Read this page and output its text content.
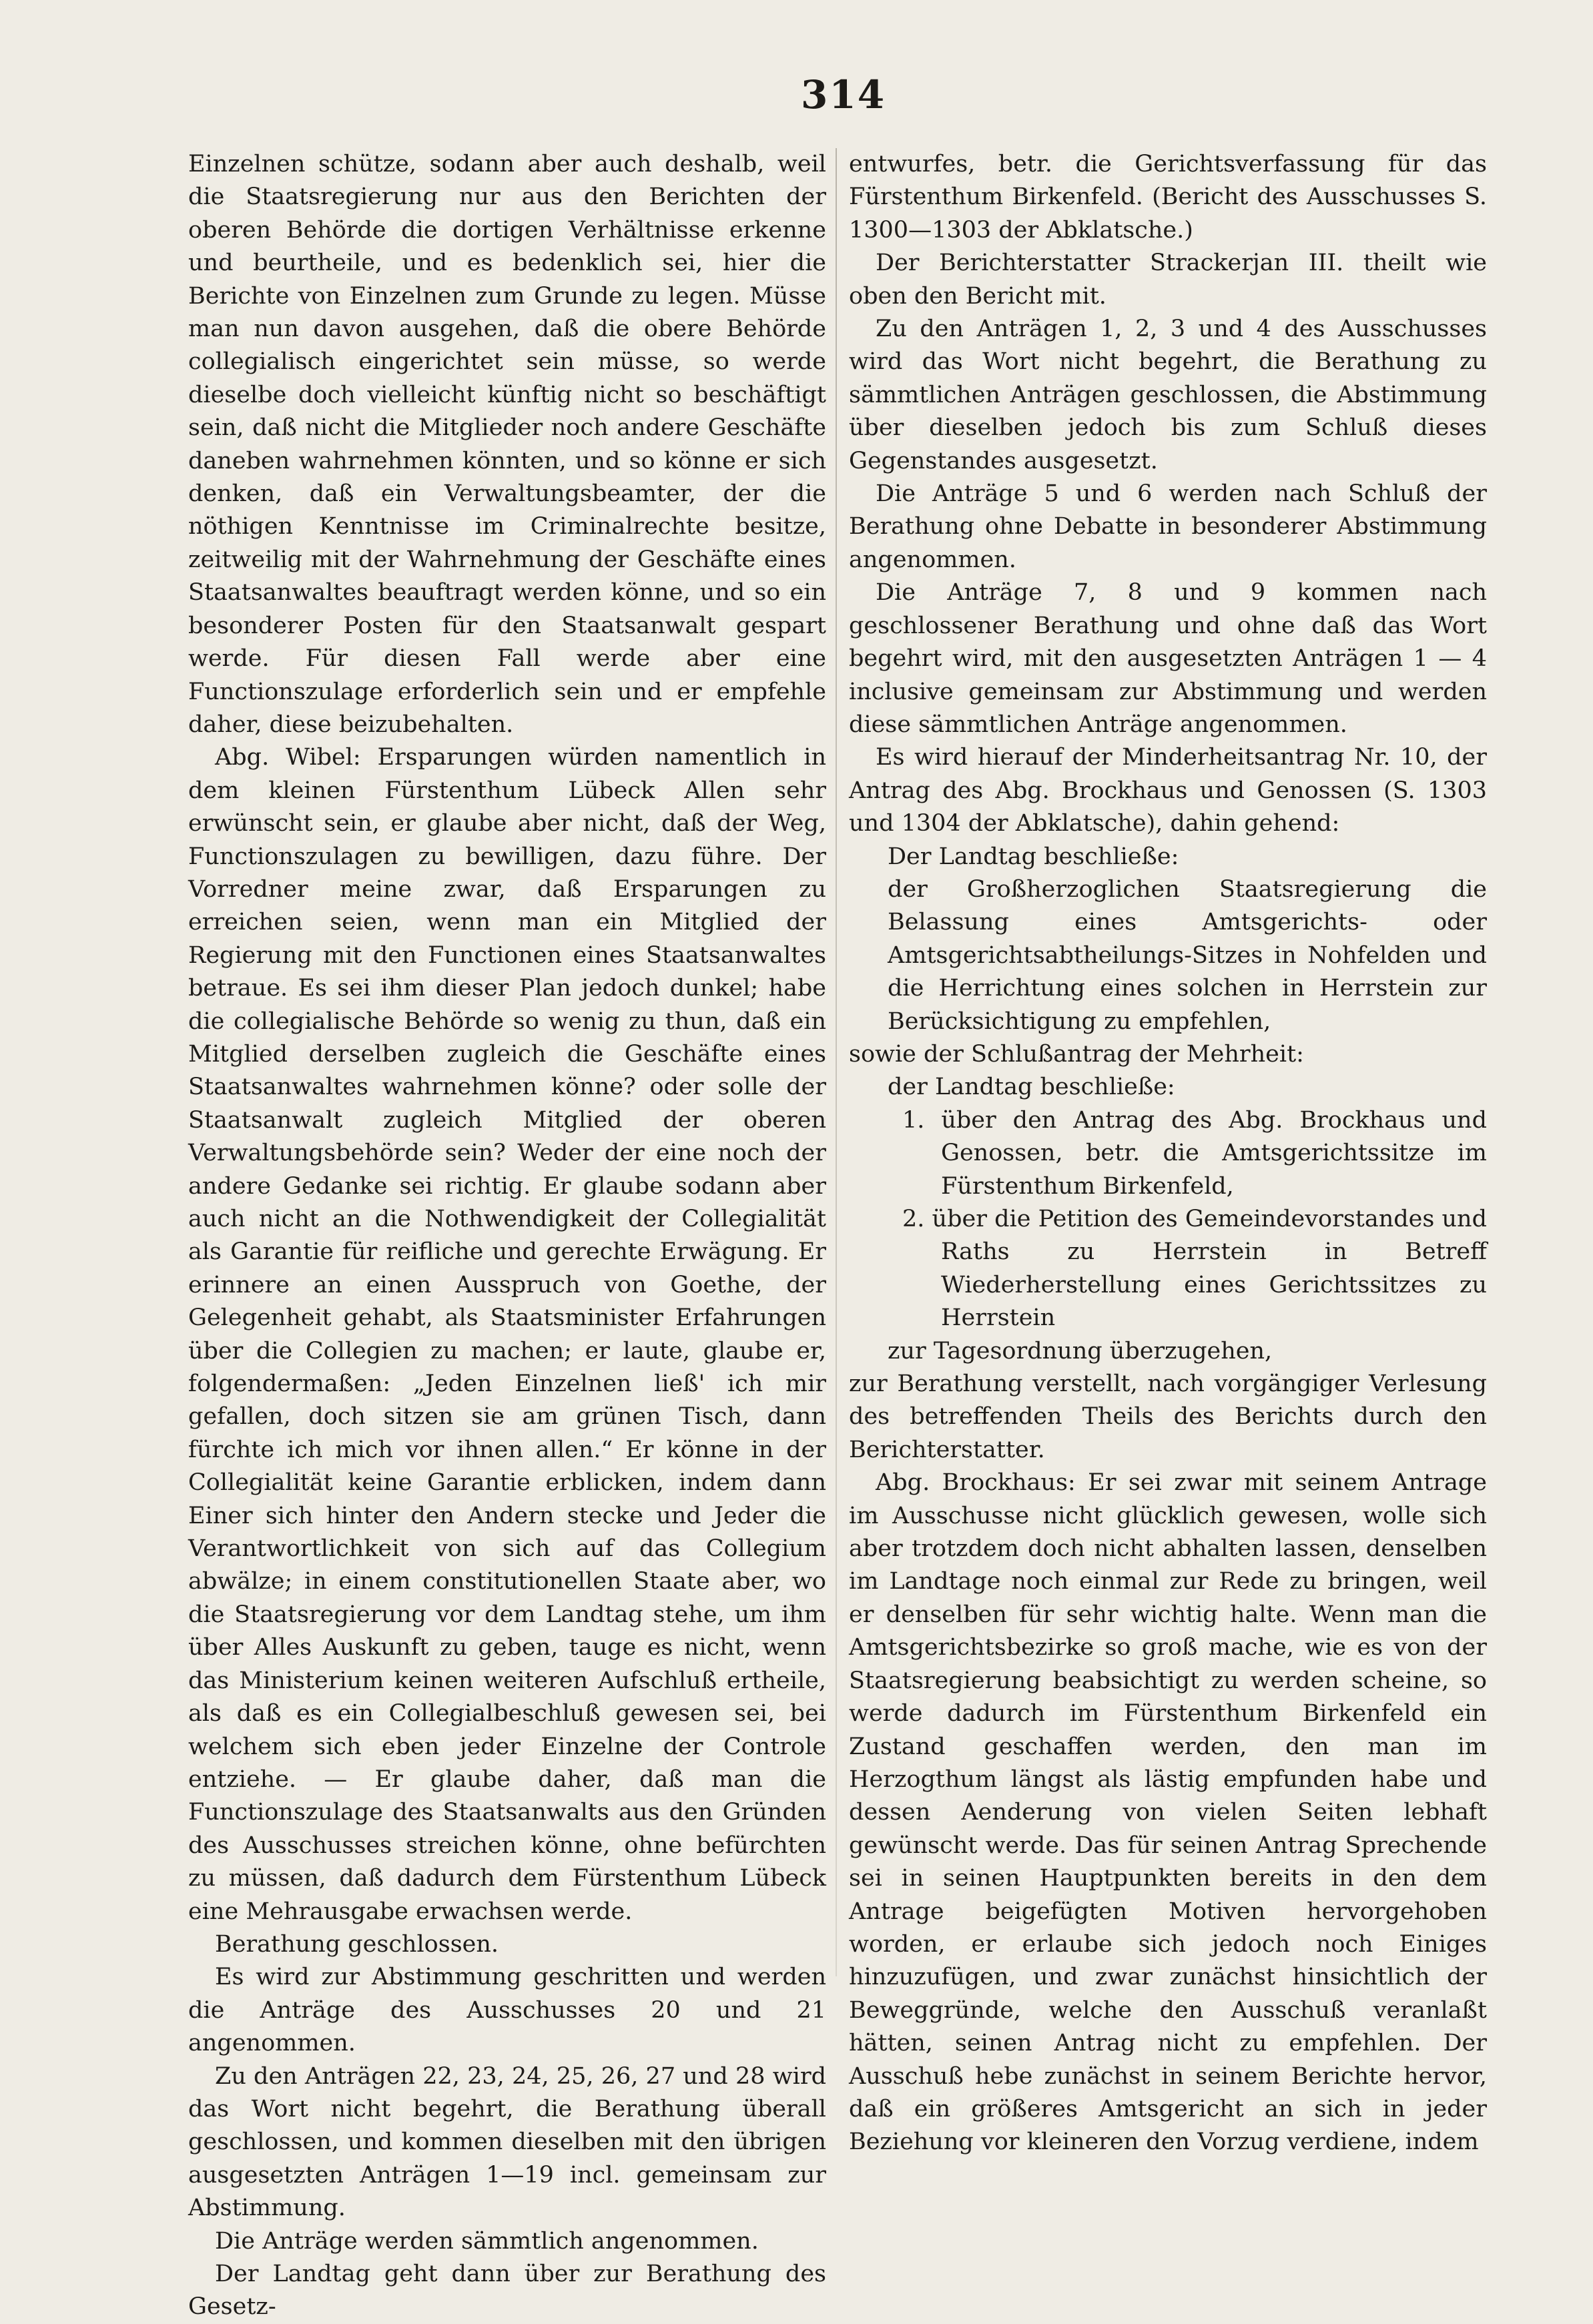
314

Einzelnen schütze, sodann aber auch deshalb, weil die Staatsregierung nur aus den Berichten der oberen Behörde die dortigen Verhältnisse erkenne und beurtheile, und es bedenklich sei, hier die Berichte von Einzelnen zum Grunde zu legen. Müsse man nun davon ausgehen, daß die obere Behörde collegialisch eingerichtet sein müsse, so werde dieselbe doch vielleicht künftig nicht so beschäftigt sein, daß nicht die Mitglieder noch andere Geschäfte daneben wahrnehmen könnten, und so könne er sich denken, daß ein Verwaltungsbeamter, der die nöthigen Kenntnisse im Criminalrechte besitze, zeitweilig mit der Wahrnehmung der Geschäfte eines Staatsanwaltes beauftragt werden könne, und so ein besonderer Posten für den Staatsanwalt gespart werde. Für diesen Fall werde aber eine Functionszulage erforderlich sein und er empfehle daher, diese beizubehalten.

Abg. Wibel: Ersparungen würden namentlich in dem kleinen Fürstenthum Lübeck Allen sehr erwünscht sein, er glaube aber nicht, daß der Weg, Functionszulagen zu bewilligen, dazu führe. Der Vorredner meine zwar, daß Ersparungen zu erreichen seien, wenn man ein Mitglied der Regierung mit den Functionen eines Staatsanwaltes betraue. Es sei ihm dieser Plan jedoch dunkel; habe die collegialische Behörde so wenig zu thun, daß ein Mitglied derselben zugleich die Geschäfte eines Staatsanwaltes wahrnehmen könne? oder solle der Staatsanwalt zugleich Mitglied der oberen Verwaltungsbehörde sein? Weder der eine noch der andere Gedanke sei richtig. Er glaube sodann aber auch nicht an die Nothwendigkeit der Collegialität als Garantie für reifliche und gerechte Erwägung. Er erinnere an einen Ausspruch von Goethe, der Gelegenheit gehabt, als Staatsminister Erfahrungen über die Collegien zu machen; er laute, glaube er, folgendermaßen: „Jeden Einzelnen ließ' ich mir gefallen, doch sitzen sie am grünen Tisch, dann fürchte ich mich vor ihnen allen.“ Er könne in der Collegialität keine Garantie erblicken, indem dann Einer sich hinter den Andern stecke und Jeder die Verantwortlichkeit von sich auf das Collegium abwälze; in einem constitutionellen Staate aber, wo die Staatsregierung vor dem Landtag stehe, um ihm über Alles Auskunft zu geben, tauge es nicht, wenn das Ministerium keinen weiteren Aufschluß ertheile, als daß es ein Collegialbeschluß gewesen sei, bei welchem sich eben jeder Einzelne der Controle entziehe. — Er glaube daher, daß man die Functionszulage des Staatsanwalts aus den Gründen des Ausschusses streichen könne, ohne befürchten zu müssen, daß dadurch dem Fürstenthum Lübeck eine Mehrausgabe erwachsen werde.

Berathung geschlossen.

Es wird zur Abstimmung geschritten und werden die Anträge des Ausschusses 20 und 21 angenommen.

Zu den Anträgen 22, 23, 24, 25, 26, 27 und 28 wird das Wort nicht begehrt, die Berathung überall geschlossen, und kommen dieselben mit den übrigen ausgesetzten Anträgen 1—19 incl. gemeinsam zur Abstimmung.

Die Anträge werden sämmtlich angenommen.

Der Landtag geht dann über zur Berathung des Gesetz-

entwurfes, betr. die Gerichtsverfassung für das Fürstenthum Birkenfeld. (Bericht des Ausschusses S. 1300—1303 der Abklatsche.)

Der Berichterstatter Strackerjan III. theilt wie oben den Bericht mit.

Zu den Anträgen 1, 2, 3 und 4 des Ausschusses wird das Wort nicht begehrt, die Berathung zu sämmtlichen Anträgen geschlossen, die Abstimmung über dieselben jedoch bis zum Schluß dieses Gegenstandes ausgesetzt.

Die Anträge 5 und 6 werden nach Schluß der Berathung ohne Debatte in besonderer Abstimmung angenommen.

Die Anträge 7, 8 und 9 kommen nach geschlossener Berathung und ohne daß das Wort begehrt wird, mit den ausgesetzten Anträgen 1 — 4 inclusive gemeinsam zur Abstimmung und werden diese sämmtlichen Anträge angenommen.

Es wird hierauf der Minderheitsantrag Nr. 10, der Antrag des Abg. Brockhaus und Genossen (S. 1303 und 1304 der Abklatsche), dahin gehend:

Der Landtag beschließe:

der Großherzoglichen Staatsregierung die Belassung eines Amtsgerichts- oder Amtsgerichtsabtheilungs-Sitzes in Nohfelden und die Herrichtung eines solchen in Herrstein zur Berücksichtigung zu empfehlen,

sowie der Schlußantrag der Mehrheit:

der Landtag beschließe:

1. über den Antrag des Abg. Brockhaus und Genossen, betr. die Amtsgerichtssitze im Fürstenthum Birkenfeld,

2. über die Petition des Gemeindevorstandes und Raths zu Herrstein in Betreff Wiederherstellung eines Gerichtssitzes zu Herrstein

zur Tagesordnung überzugehen,

zur Berathung verstellt, nach vorgängiger Verlesung des betreffenden Theils des Berichts durch den Berichterstatter.

Abg. Brockhaus: Er sei zwar mit seinem Antrage im Ausschusse nicht glücklich gewesen, wolle sich aber trotzdem doch nicht abhalten lassen, denselben im Landtage noch einmal zur Rede zu bringen, weil er denselben für sehr wichtig halte. Wenn man die Amtsgerichtsbezirke so groß mache, wie es von der Staatsregierung beabsichtigt zu werden scheine, so werde dadurch im Fürstenthum Birkenfeld ein Zustand geschaffen werden, den man im Herzogthum längst als lästig empfunden habe und dessen Aenderung von vielen Seiten lebhaft gewünscht werde. Das für seinen Antrag Sprechende sei in seinen Hauptpunkten bereits in den dem Antrage beigefügten Motiven hervorgehoben worden, er erlaube sich jedoch noch Einiges hinzuzufügen, und zwar zunächst hinsichtlich der Beweggründe, welche den Ausschuß veranlaßt hätten, seinen Antrag nicht zu empfehlen. Der Ausschuß hebe zunächst in seinem Berichte hervor, daß ein größeres Amtsgericht an sich in jeder Beziehung vor kleineren den Vorzug verdiene, indem
